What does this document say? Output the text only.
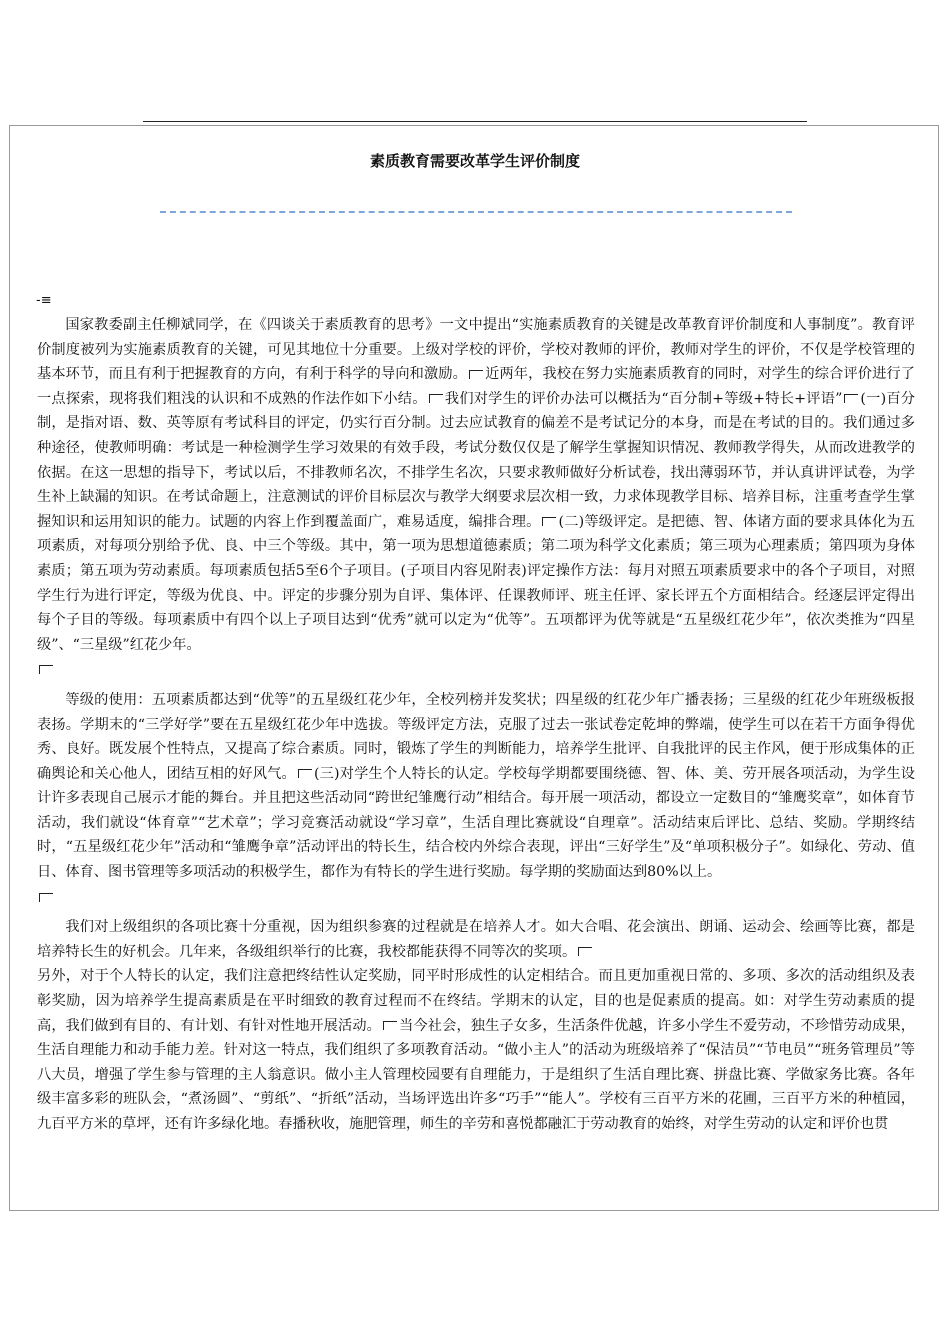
素质教育需要改革学生评价制度
-≡

国家教委副主任柳斌同学，在《四谈关于素质教育的思考》一文中提出“实施素质教育的关键是改革教育评价制度和人事制度”。教育评价制度被列为实施素质教育的关键，可见其地位十分重要。上级对学校的评价，学校对教师的评价，教师对学生的评价，不仅是学校管理的基本环节，而且有利于把握教育的方向，有利于科学的导向和激励。 近两年，我校在努力实施素质教育的同时，对学生的综合评价进行了一点探索，现将我们粗浅的认识和不成熟的作法作如下小结。 我们对学生的评价办法可以概括为“百分制+等级+特长+评语” (一)百分制，是指对语、数、英等原有考试科目的评定，仍实行百分制。过去应试教育的偏差不是考试记分的本身，而是在考试的目的。我们通过多种途径，使教师明确：考试是一种检测学生学习效果的有效手段，考试分数仅仅是了解学生掌握知识情况、教师教学得失，从而改进教学的依据。在这一思想的指导下，考试以后，不排教师名次，不排学生名次，只要求教师做好分析试卷，找出薄弱环节，并认真讲评试卷，为学生补上缺漏的知识。在考试命题上，注意测试的评价目标层次与教学大纲要求层次相一致，力求体现教学目标、培养目标，注重考查学生掌握知识和运用知识的能力。试题的内容上作到覆盖面广，难易适度，编排合理。 (二)等级评定。是把德、智、体诸方面的要求具体化为五项素质，对每项分别给予优、良、中三个等级。其中，第一项为思想道德素质；第二项为科学文化素质；第三项为心理素质；第四项为身体素质；第五项为劳动素质。每项素质包括5至6个子项目。(子项目内容见附表)评定操作方法：每月对照五项素质要求中的各个子项目，对照学生行为进行评定，等级为优良、中。评定的步骤分别为自评、集体评、任课教师评、班主任评、家长评五个方面相结合。经逐层评定得出每个子目的等级。每项素质中有四个以上子项目达到“优秀”就可以定为“优等”。五项都评为优等就是“五星级红花少年”，依次类推为“四星级”、“三星级”红花少年。

等级的使用：五项素质都达到“优等”的五星级红花少年，全校列榜并发奖状；四星级的红花少年广播表扬；三星级的红花少年班级板报表扬。学期末的“三学好学”要在五星级红花少年中选拔。等级评定方法，克服了过去一张试卷定乾坤的弊端，使学生可以在若干方面争得优秀、良好。既发展个性特点，又提高了综合素质。同时，锻炼了学生的判断能力，培养学生批评、自我批评的民主作风，便于形成集体的正确舆论和关心他人，团结互相的好风气。 (三)对学生个人特长的认定。学校每学期都要围绕德、智、体、美、劳开展各项活动，为学生设计许多表现自己展示才能的舞台。并且把这些活动同“跨世纪雏鹰行动”相结合。每开展一项活动，都设立一定数目的“雏鹰奖章”，如体育节活动，我们就设“体育章”“艺术章”；学习竞赛活动就设“学习章”，生活自理比赛就设“自理章”。活动结束后评比、总结、奖励。学期终结时，“五星级红花少年”活动和“雏鹰争章”活动评出的特长生，结合校内外综合表现，评出“三好学生”及“单项积极分子”。如绿化、劳动、值日、体育、图书管理等多项活动的积极学生，都作为有特长的学生进行奖励。每学期的奖励面达到80%以上。

我们对上级组织的各项比赛十分重视，因为组织参赛的过程就是在培养人才。如大合唱、花会演出、朗诵、运动会、绘画等比赛，都是培养特长生的好机会。几年来，各级组织举行的比赛，我校都能获得不同等次的奖项。

另外，对于个人特长的认定，我们注意把终结性认定奖励，同平时形成性的认定相结合。而且更加重视日常的、多项、多次的活动组织及表彰奖励，因为培养学生提高素质是在平时细致的教育过程而不在终结。学期末的认定，目的也是促素质的提高。如：对学生劳动素质的提高，我们做到有目的、有计划、有针对性地开展活动。 当今社会，独生子女多，生活条件优越，许多小学生不爱劳动，不珍惜劳动成果，生活自理能力和动手能力差。针对这一特点，我们组织了多项教育活动。“做小主人”的活动为班级培养了“保洁员”“节电员”“班务管理员”等八大员，增强了学生参与管理的主人翁意识。做小主人管理校园要有自理能力，于是组织了生活自理比赛、拼盘比赛、学做家务比赛。各年级丰富多彩的班队会，“煮汤圆”、“剪纸”、“折纸”活动，当场评选出许多“巧手”“能人”。学校有三百平方米的花圃，三百平方米的种植园，九百平方米的草坪，还有许多绿化地。春播秋收，施肥管理，师生的辛劳和喜悦都融汇于劳动教育的始终，对学生劳动的认定和评价也贯
